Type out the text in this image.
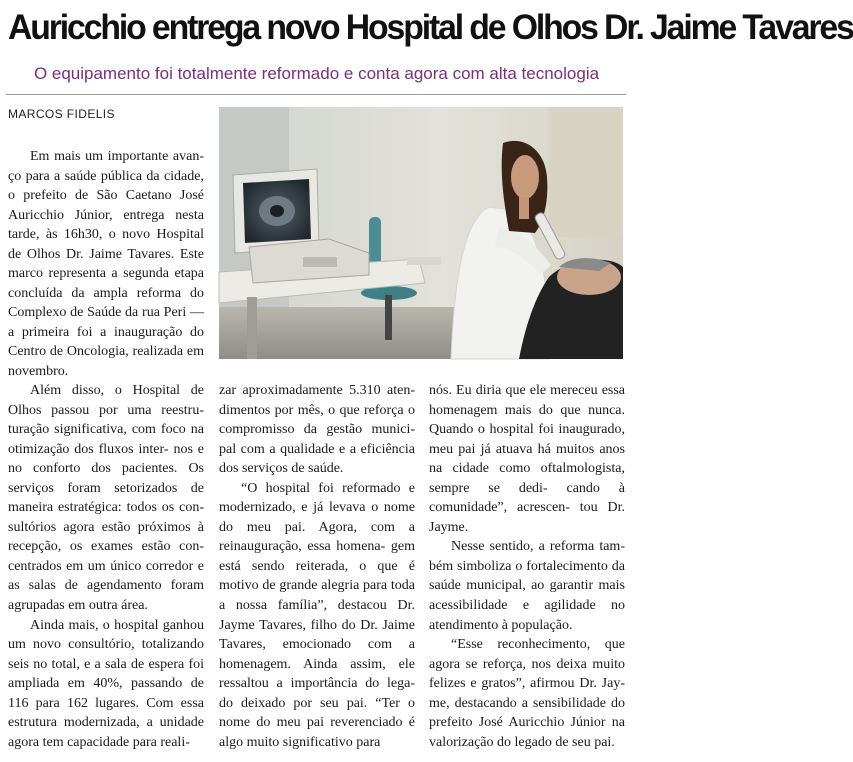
Auricchio entrega novo Hospital de Olhos Dr. Jaime Tavares
O equipamento foi totalmente reformado e conta agora com alta tecnologia
MARCOS FIDELIS

Em mais um importante avan- ço para a saúde pública da cidade, o prefeito de São Caetano José Auricchio Júnior, entrega nesta tarde, às 16h30, o novo Hospital de Olhos Dr. Jaime Tavares. Este marco representa a segunda etapa concluída da ampla reforma do Complexo de Saúde da rua Peri — a primeira foi a inauguração do Centro de Oncologia, realizada em novembro.

Além disso, o Hospital de Olhos passou por uma reestru- turação significativa, com foco na otimização dos fluxos inter- nos e no conforto dos pacientes. Os serviços foram setorizados de maneira estratégica: todos os con- sultórios agora estão próximos à recepção, os exames estão con- centrados em um único corredor e as salas de agendamento foram agrupadas em outra área.

Ainda mais, o hospital ganhou um novo consultório, totalizando seis no total, e a sala de espera foi ampliada em 40%, passando de 116 para 162 lugares. Com essa estrutura modernizada, a unidade agora tem capacidade para reali-

zar aproximadamente 5.310 aten- dimentos por mês, o que reforça o compromisso da gestão munici- pal com a qualidade e a eficiência dos serviços de saúde.

“O hospital foi reformado e modernizado, e já levava o nome do meu pai. Agora, com a reinauguração, essa homena- gem está sendo reiterada, o que é motivo de grande alegria para toda a nossa família”, destacou Dr. Jayme Tavares, filho do Dr. Jaime Tavares, emocionado com a homenagem. Ainda assim, ele ressaltou a importância do lega- do deixado por seu pai. “Ter o nome do meu pai reverenciado é algo muito significativo para

nós. Eu diria que ele mereceu essa homenagem mais do que nunca. Quando o hospital foi inaugurado, meu pai já atuava há muitos anos na cidade como oftalmologista, sempre se dedi- cando à comunidade”, acrescen- tou Dr. Jayme.

Nesse sentido, a reforma tam- bém simboliza o fortalecimento da saúde municipal, ao garantir mais acessibilidade e agilidade no atendimento à população.

“Esse reconhecimento, que agora se reforça, nos deixa muito felizes e gratos”, afirmou Dr. Jay- me, destacando a sensibilidade do prefeito José Auricchio Júnior na valorização do legado de seu pai.
